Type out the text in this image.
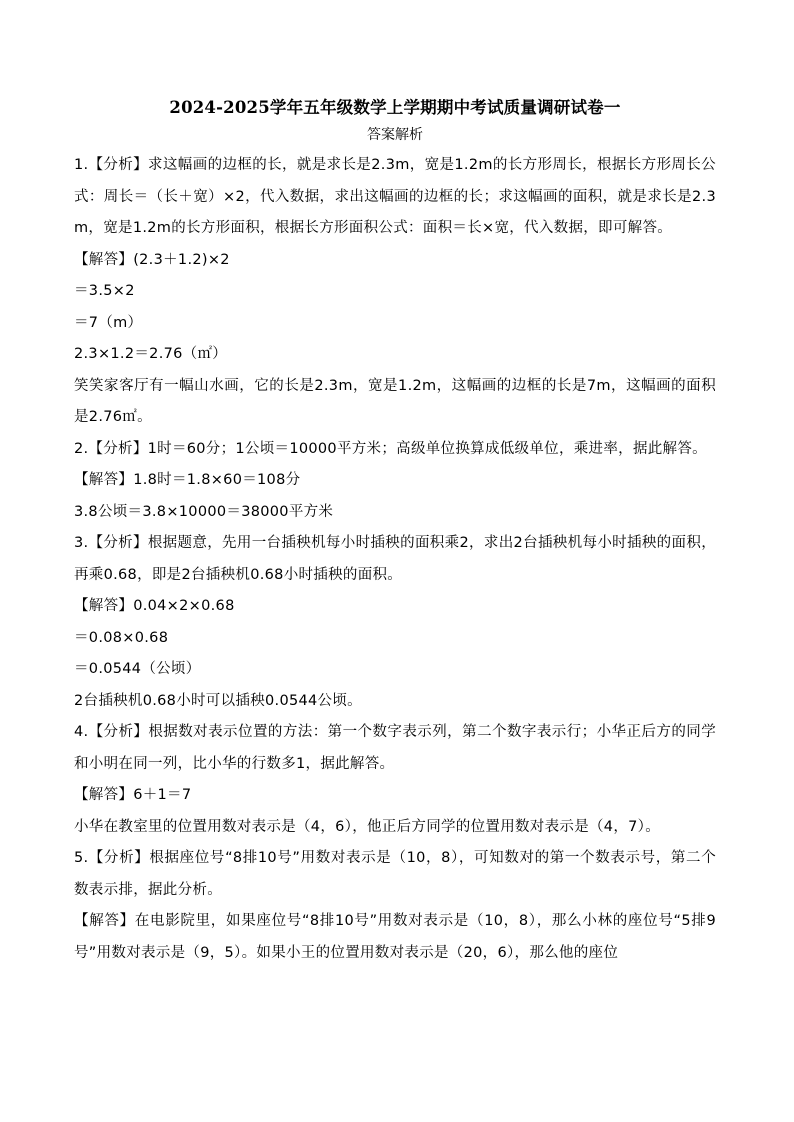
2024-2025学年五年级数学上学期期中考试质量调研试卷一
答案解析

1.【分析】求这幅画的边框的长，就是求长是2.3m，宽是1.2m的长方形周长，根据长方形周长公式：周长＝（长＋宽）×2，代入数据，求出这幅画的边框的长；求这幅画的面积，就是求长是2.3m，宽是1.2m的长方形面积，根据长方形面积公式：面积＝长×宽，代入数据，即可解答。

【解答】(2.3＋1.2)×2

＝3.5×2

＝7（m）

2.3×1.2＝2.76（㎡）

笑笑家客厅有一幅山水画，它的长是2.3m，宽是1.2m，这幅画的边框的长是7m，这幅画的面积是2.76㎡。

2.【分析】1时＝60分；1公顷＝10000平方米；高级单位换算成低级单位，乘进率，据此解答。

【解答】1.8时＝1.8×60＝108分

3.8公顷＝3.8×10000＝38000平方米

3.【分析】根据题意，先用一台插秧机每小时插秧的面积乘2，求出2台插秧机每小时插秧的面积，再乘0.68，即是2台插秧机0.68小时插秧的面积。

【解答】0.04×2×0.68

＝0.08×0.68

＝0.0544（公顷）

2台插秧机0.68小时可以插秧0.0544公顷。

4.【分析】根据数对表示位置的方法：第一个数字表示列，第二个数字表示行；小华正后方的同学和小明在同一列，比小华的行数多1，据此解答。

【解答】6＋1＝7

小华在教室里的位置用数对表示是（4，6），他正后方同学的位置用数对表示是（4，7）。

5.【分析】根据座位号“8排10号”用数对表示是（10，8），可知数对的第一个数表示号，第二个数表示排，据此分析。

【解答】在电影院里，如果座位号“8排10号”用数对表示是（10，8），那么小林的座位号“5排9号”用数对表示是（9，5）。如果小王的位置用数对表示是（20，6），那么他的座位
